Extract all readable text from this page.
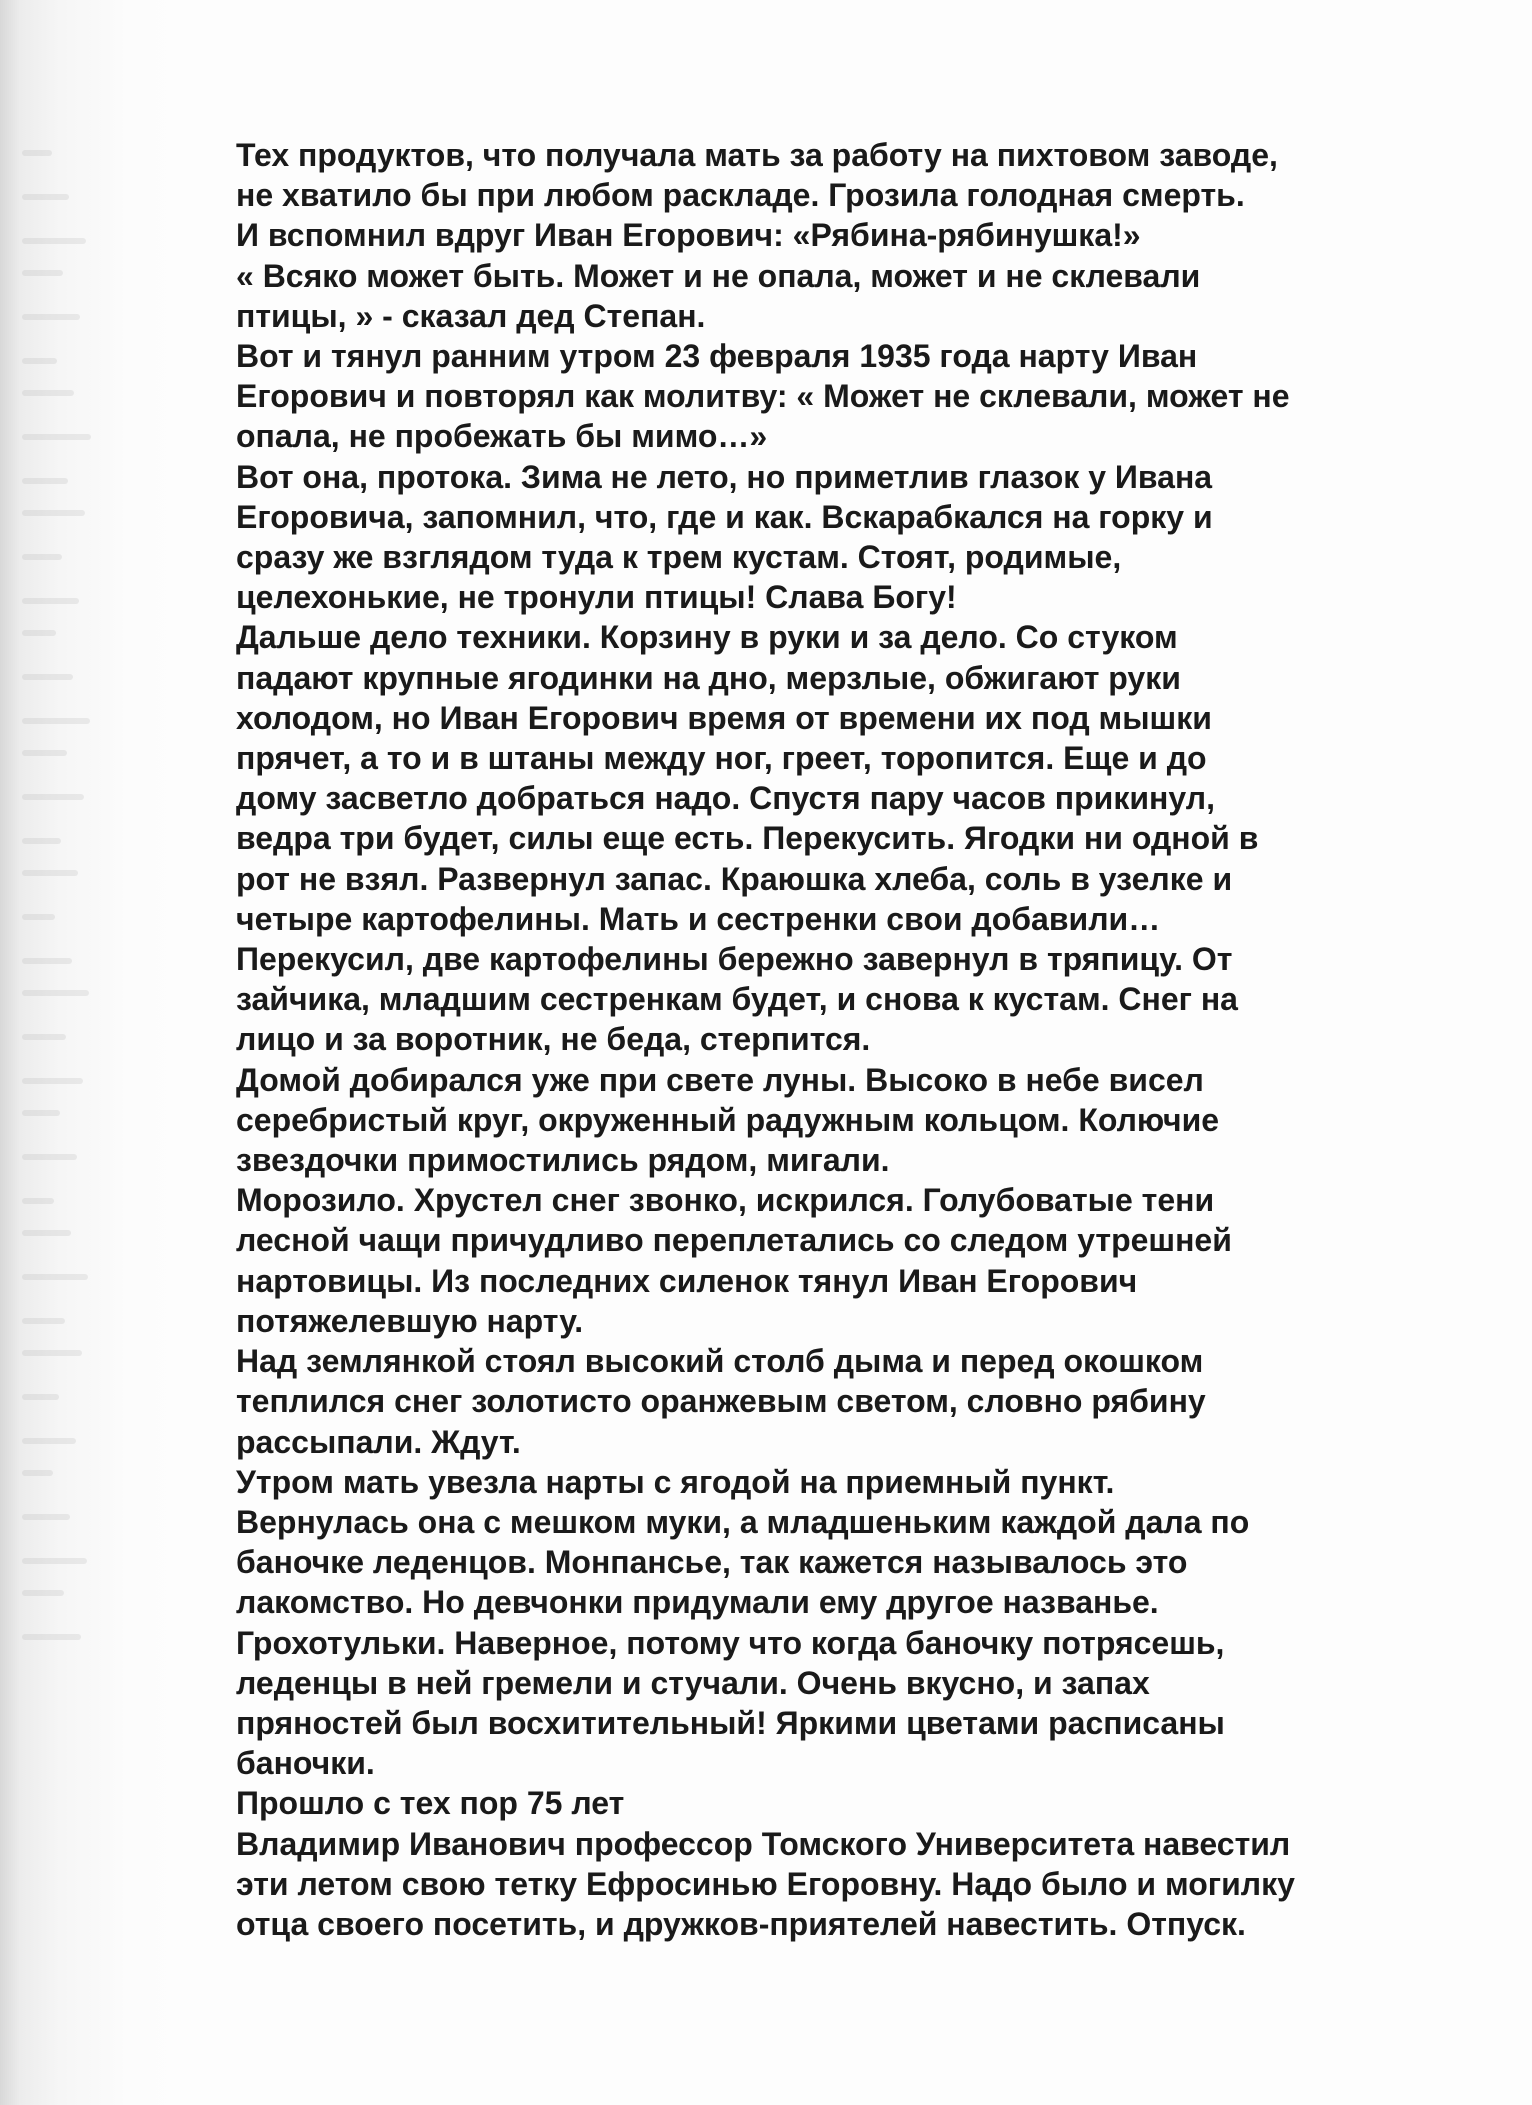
Тех продуктов, что получала мать за работу на пихтовом заводе,
не хватило бы при любом раскладе. Грозила голодная смерть.
И вспомнил вдруг Иван Егорович: «Рябина-рябинушка!»
« Всяко может быть. Может и не опала, может и не склевали
птицы, » - сказал дед Степан.
Вот и тянул ранним утром 23 февраля 1935 года нарту Иван
Егорович и повторял как молитву: « Может не склевали, может не
опала, не пробежать бы мимо…»
Вот она, протока. Зима не лето, но приметлив глазок у Ивана
Егоровича, запомнил, что, где и как. Вскарабкался на горку и
сразу же взглядом туда к трем кустам. Стоят, родимые,
целехонькие, не тронули птицы! Слава Богу!
Дальше дело техники. Корзину в руки и за дело. Со стуком
падают крупные ягодинки на дно, мерзлые, обжигают руки
холодом, но Иван Егорович время от времени их под мышки
прячет, а то и в штаны между ног, греет, торопится. Еще и до
дому засветло добраться надо. Спустя пару часов прикинул,
ведра три будет, силы еще есть. Перекусить. Ягодки ни одной в
рот не взял. Развернул запас. Краюшка хлеба, соль в узелке и
четыре картофелины. Мать и сестренки свои добавили…
Перекусил, две картофелины бережно завернул в тряпицу. От
зайчика, младшим сестренкам будет, и снова к кустам. Снег на
лицо и за воротник, не беда, стерпится.
Домой добирался уже при свете луны. Высоко в небе висел
серебристый круг, окруженный радужным кольцом. Колючие
звездочки примостились рядом, мигали.
Морозило. Хрустел снег звонко, искрился. Голубоватые тени
лесной чащи причудливо переплетались со следом утрешней
нартовицы. Из последних силенок тянул Иван Егорович
потяжелевшую нарту.
Над землянкой стоял высокий столб дыма и перед окошком
теплился снег золотисто оранжевым светом, словно рябину
рассыпали. Ждут.
Утром мать увезла нарты с ягодой на приемный пункт.
Вернулась она с мешком муки, а младшеньким каждой дала по
баночке леденцов. Монпансье, так кажется называлось это
лакомство. Но девчонки придумали ему другое названье.
Грохотульки. Наверное, потому что когда баночку потрясешь,
леденцы в ней гремели и стучали. Очень вкусно, и запах
пряностей был восхитительный! Яркими цветами расписаны
баночки.
Прошло с тех пор 75 лет
Владимир Иванович профессор Томского Университета навестил
эти летом свою тетку Ефросинью Егоровну. Надо было и могилку
отца своего посетить, и дружков-приятелей навестить. Отпуск.
